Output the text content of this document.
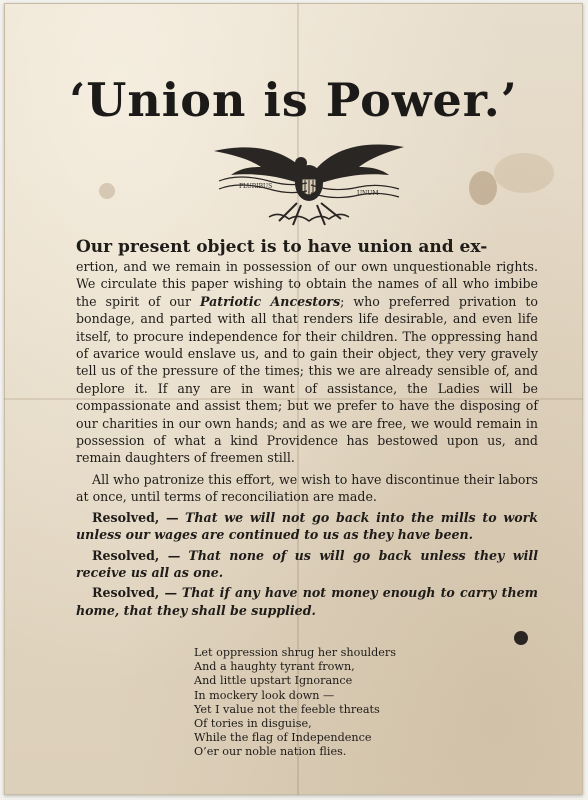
‘Union is Power.’
PLURIBUS
UNUM

Our present object is to have union and ex-

ertion, and we remain in possession of our own unquestionable rights. We circulate this paper wishing to obtain the names of all who imbibe the spirit of our Patriotic Ancestors; who preferred privation to bondage, and parted with all that renders life desirable, and even life itself, to procure independence for their children. The oppressing hand of avarice would enslave us, and to gain their object, they very gravely tell us of the pressure of the times; this we are already sensible of, and deplore it. If any are in want of assistance, the Ladies will be compassionate and assist them; but we prefer to have the disposing of our charities in our own hands; and as we are free, we would remain in possession of what a kind Providence has bestowed upon us, and remain daughters of freemen still.

All who patronize this effort, we wish to have discontinue their labors at once, until terms of reconciliation are made.

Resolved, — That we will not go back into the mills to work unless our wages are continued to us as they have been.

Resolved, — That none of us will go back unless they will receive us all as one.

Resolved, — That if any have not money enough to carry them home, that they shall be supplied.

Let oppression shrug her shoulders
And a haughty tyrant frown,
And little upstart Ignorance
In mockery look down —
Yet I value not the feeble threats
Of tories in disguise,
While the flag of Independence
O’er our noble nation flies.
